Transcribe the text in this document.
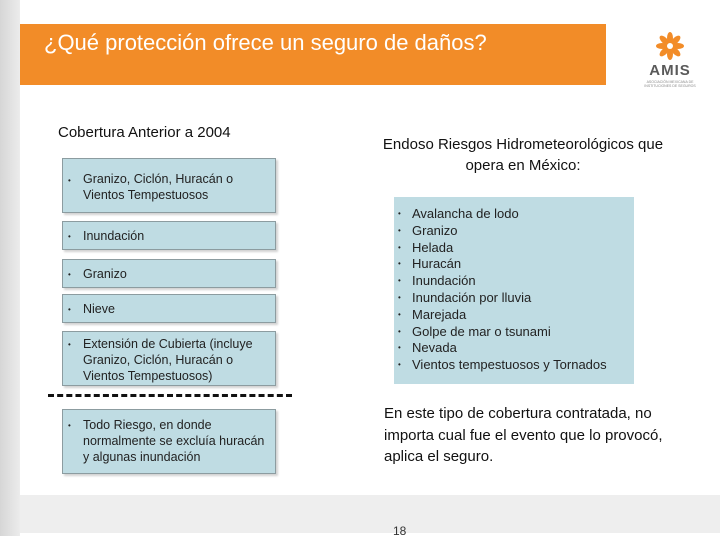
¿Qué protección ofrece un seguro de daños?
AMIS
ASOCIACIÓN MEXICANA DE INSTITUCIONES DE SEGUROS
Cobertura Anterior a 2004
• Granizo, Ciclón, Huracán o Vientos Tempestuosos
• Inundación
• Granizo
• Nieve
• Extensión de Cubierta (incluye Granizo, Ciclón, Huracán o Vientos Tempestuosos)
• Todo Riesgo, en donde normalmente se excluía huracán y algunas inundación
Endoso Riesgos Hidrometeorológicos que opera en México:
• Avalancha de lodo
• Granizo
• Helada
• Huracán
• Inundación
• Inundación por lluvia
• Marejada
• Golpe de mar o tsunami
• Nevada
• Vientos tempestuosos y Tornados
En este tipo de cobertura contratada, no importa cual fue el evento que lo provocó, aplica el seguro.
18
